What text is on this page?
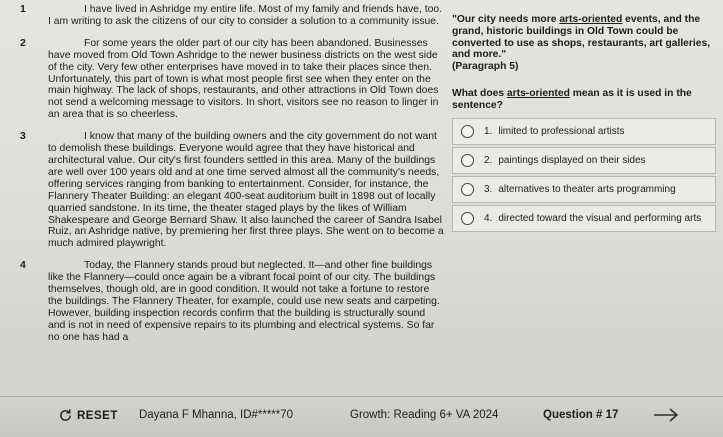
1	I have lived in Ashridge my entire life. Most of my family and friends have, too. I am writing to ask the citizens of our city to consider a solution to a community issue.
2	For some years the older part of our city has been abandoned. Businesses have moved from Old Town Ashridge to the newer business districts on the west side of the city. Very few other enterprises have moved in to take their places since then. Unfortunately, this part of town is what most people first see when they enter on the main highway. The lack of shops, restaurants, and other attractions in Old Town does not send a welcoming message to visitors. In short, visitors see no reason to linger in an area that is so cheerless.
3	I know that many of the building owners and the city government do not want to demolish these buildings. Everyone would agree that they have historical and architectural value. Our city's first founders settled in this area. Many of the buildings are well over 100 years old and at one time served almost all the community's needs, offering services ranging from banking to entertainment. Consider, for instance, the Flannery Theater Building: an elegant 400-seat auditorium built in 1898 out of locally quarried sandstone. In its time, the theater staged plays by the likes of William Shakespeare and George Bernard Shaw. It also launched the career of Sandra Isabel Ruiz, an Ashridge native, by premiering her first three plays. She went on to become a much admired playwright.
4	Today, the Flannery stands proud but neglected. It—and other fine buildings like the Flannery—could once again be a vibrant focal point of our city. The buildings themselves, though old, are in good condition. It would not take a fortune to restore the buildings. The Flannery Theater, for example, could use new seats and carpeting. However, building inspection records confirm that the building is structurally sound and is not in need of expensive repairs to its plumbing and electrical systems. So far no one has had a

"Our city needs more arts-oriented events, and the grand, historic buildings in Old Town could be converted to use as shops, restaurants, art galleries, and more."
(Paragraph 5)

What does arts-oriented mean as it is used in the sentence?

1. limited to professional artists
2. paintings displayed on their sides
3. alternatives to theater arts programming
4. directed toward the visual and performing arts
RESET Dayana F Mhanna, ID#*****70	Growth: Reading 6+ VA 2024	Question # 17
